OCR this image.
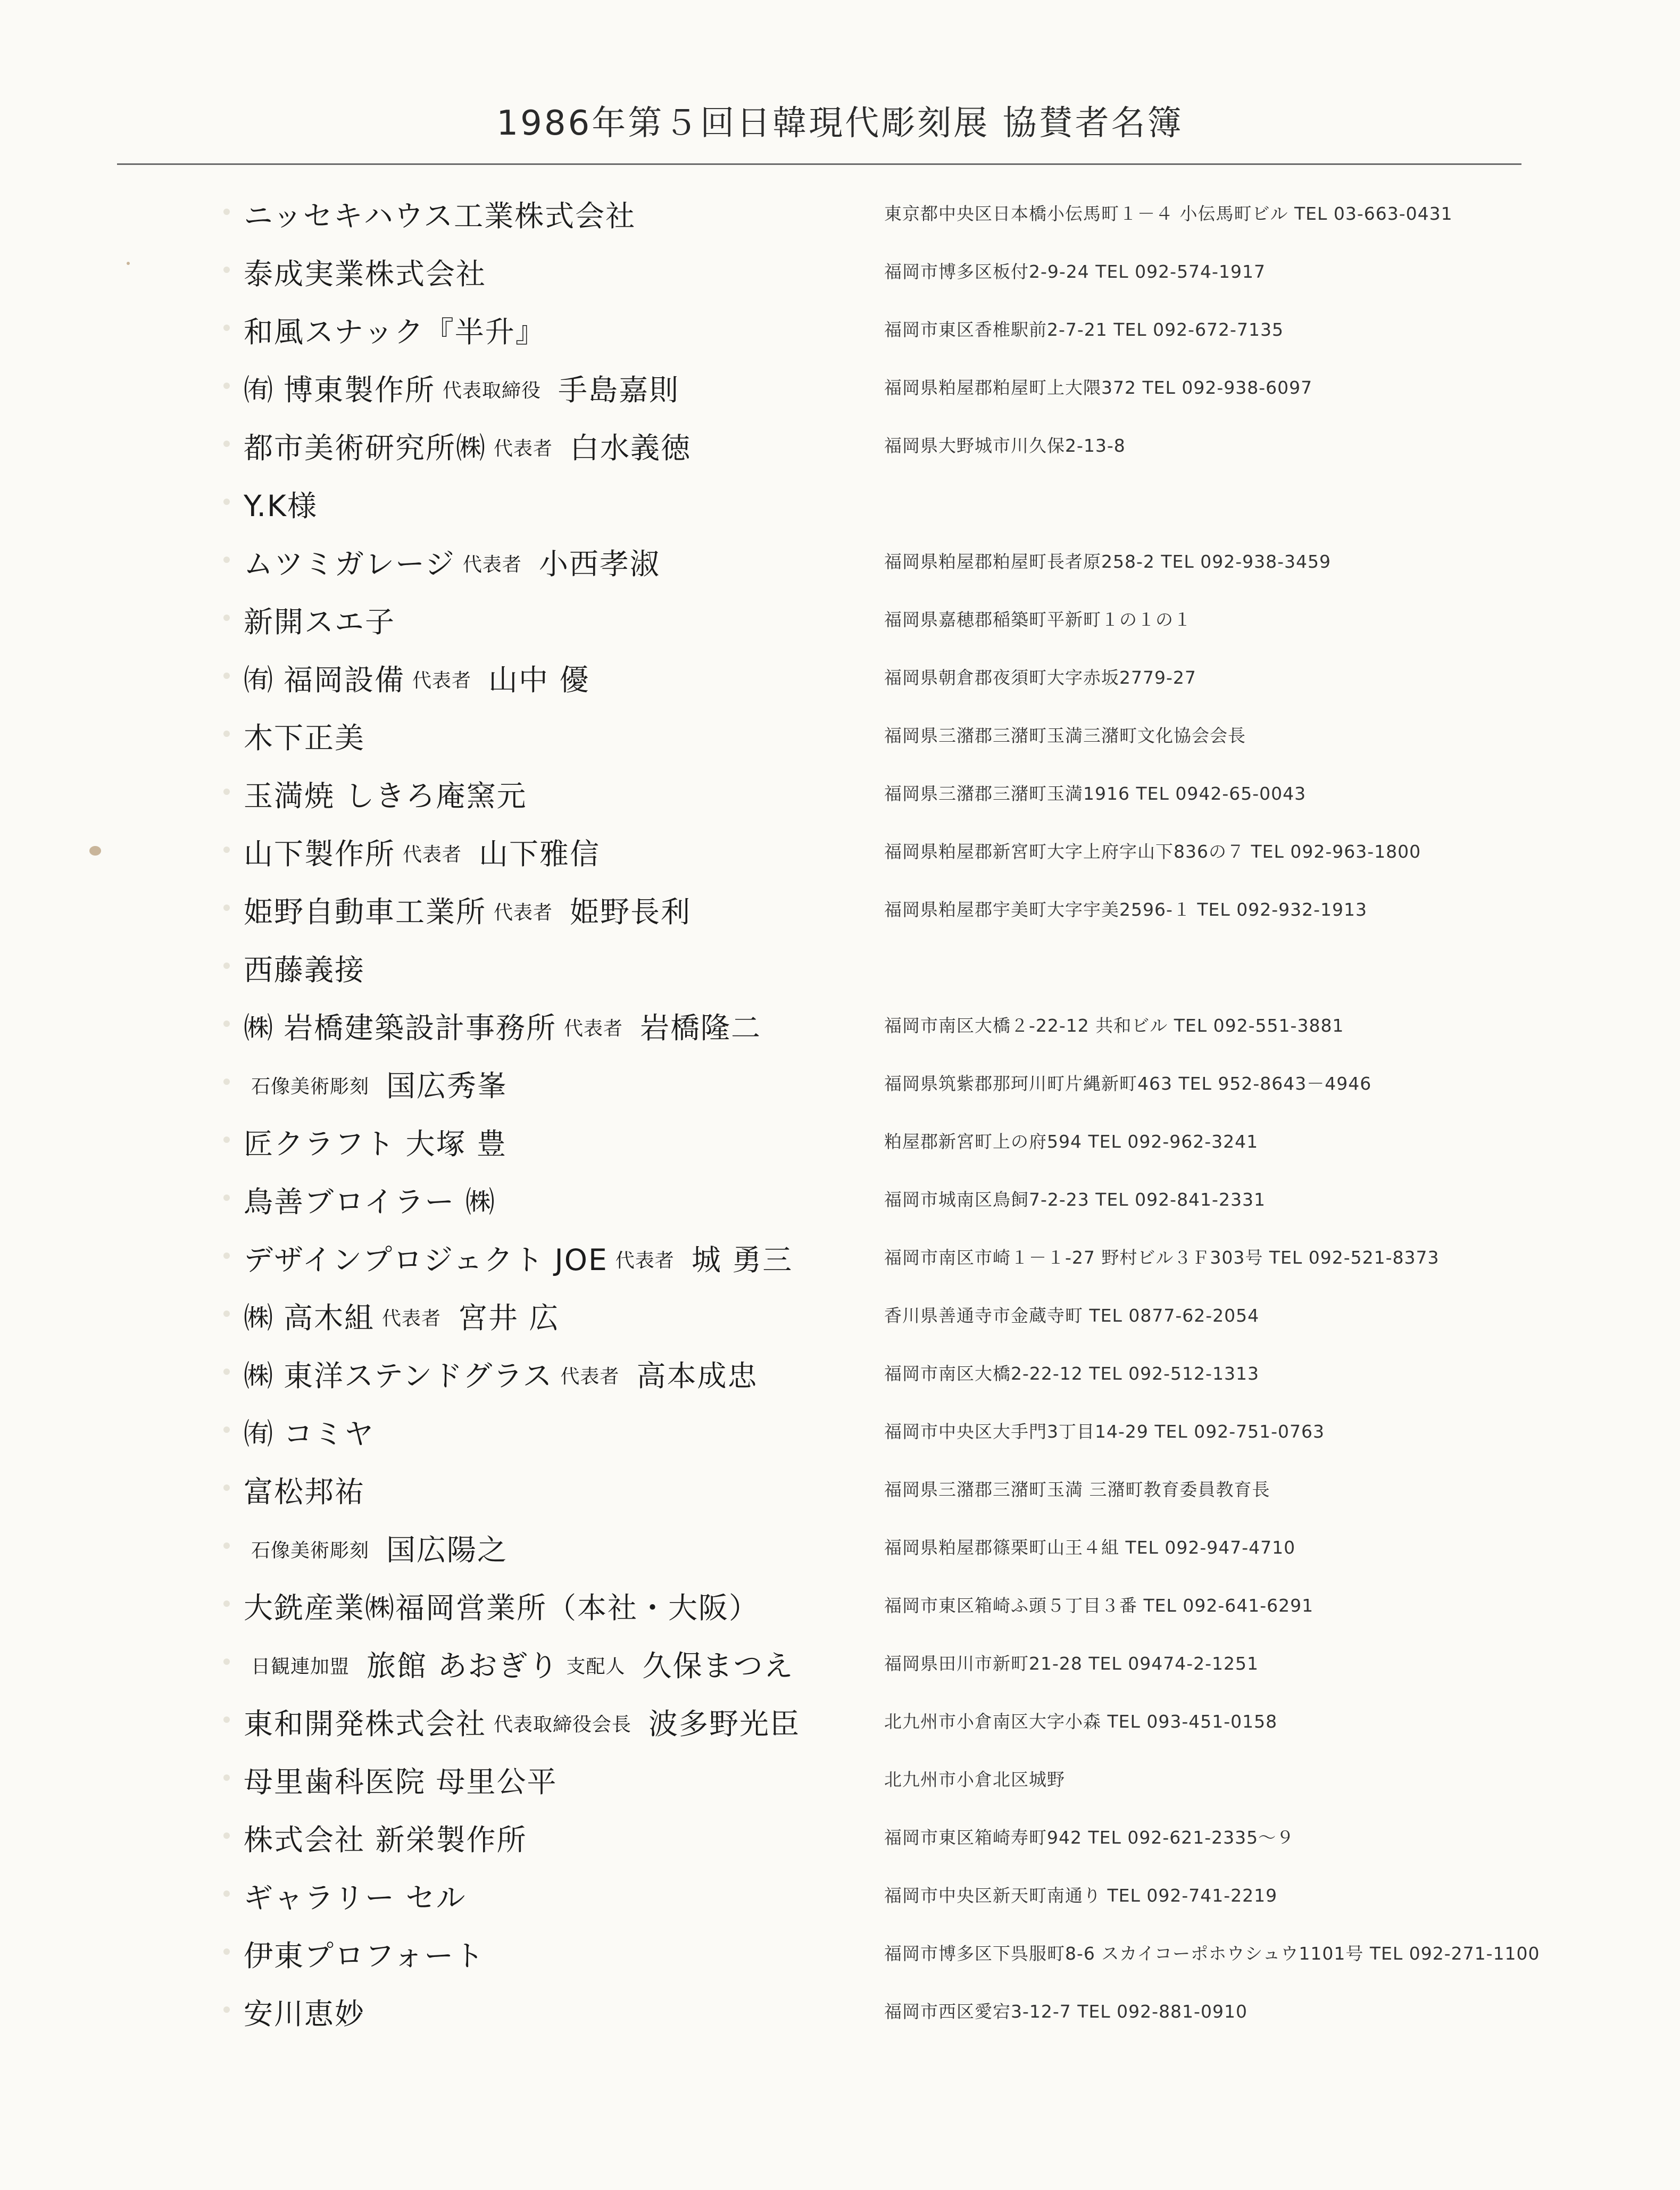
1986年第５回日韓現代彫刻展 協賛者名簿
ニッセキハウス工業株式会社	東京都中央区日本橋小伝馬町１－４ 小伝馬町ビル TEL 03-663-0431
泰成実業株式会社	福岡市博多区板付2-9-24 TEL 092-574-1917
和風スナック『半升』	福岡市東区香椎駅前2-7-21 TEL 092-672-7135
㈲ 博東製作所 代表取締役 手島嘉則	福岡県粕屋郡粕屋町上大隈372 TEL 092-938-6097
都市美術研究所㈱ 代表者 白水義徳	福岡県大野城市川久保2-13-8
Y.K様
ムツミガレージ 代表者 小西孝淑	福岡県粕屋郡粕屋町長者原258-2 TEL 092-938-3459
新開スエ子	福岡県嘉穂郡稲築町平新町１の１の１
㈲ 福岡設備 代表者 山中 優	福岡県朝倉郡夜須町大字赤坂2779-27
木下正美	福岡県三潴郡三潴町玉満三潴町文化協会会長
玉満焼 しきろ庵窯元	福岡県三潴郡三潴町玉満1916 TEL 0942-65-0043
山下製作所 代表者 山下雅信	福岡県粕屋郡新宮町大字上府字山下836の７ TEL 092-963-1800
姫野自動車工業所 代表者 姫野長利	福岡県粕屋郡宇美町大字宇美2596-１ TEL 092-932-1913
西藤義接
㈱ 岩橋建築設計事務所 代表者 岩橋隆二	福岡市南区大橋２-22-12 共和ビル TEL 092-551-3881
石像美術彫刻 国広秀峯	福岡県筑紫郡那珂川町片縄新町463 TEL 952-8643－4946
匠クラフト 大塚 豊	粕屋郡新宮町上の府594 TEL 092-962-3241
鳥善ブロイラー ㈱	福岡市城南区鳥飼7-2-23 TEL 092-841-2331
デザインプロジェクト JOE 代表者 城 勇三	福岡市南区市崎１－１-27 野村ビル３Ｆ303号 TEL 092-521-8373
㈱ 高木組 代表者 宮井 広	香川県善通寺市金蔵寺町 TEL 0877-62-2054
㈱ 東洋ステンドグラス 代表者 高本成忠	福岡市南区大橋2-22-12 TEL 092-512-1313
㈲ コミヤ	福岡市中央区大手門3丁目14-29 TEL 092-751-0763
富松邦祐	福岡県三潴郡三潴町玉満 三潴町教育委員教育長
石像美術彫刻 国広陽之	福岡県粕屋郡篠栗町山王４組 TEL 092-947-4710
大銑産業㈱福岡営業所（本社・大阪）	福岡市東区箱崎ふ頭５丁目３番 TEL 092-641-6291
日観連加盟 旅館 あおぎり 支配人 久保まつえ	福岡県田川市新町21-28 TEL 09474-2-1251
東和開発株式会社 代表取締役会長 波多野光臣	北九州市小倉南区大字小森 TEL 093-451-0158
母里歯科医院 母里公平	北九州市小倉北区城野
株式会社 新栄製作所	福岡市東区箱崎寿町942 TEL 092-621-2335～９
ギャラリー セル	福岡市中央区新天町南通り TEL 092-741-2219
伊東プロフォート	福岡市博多区下呉服町8-6 スカイコーポホウシュウ1101号 TEL 092-271-1100
安川恵妙	福岡市西区愛宕3-12-7 TEL 092-881-0910
